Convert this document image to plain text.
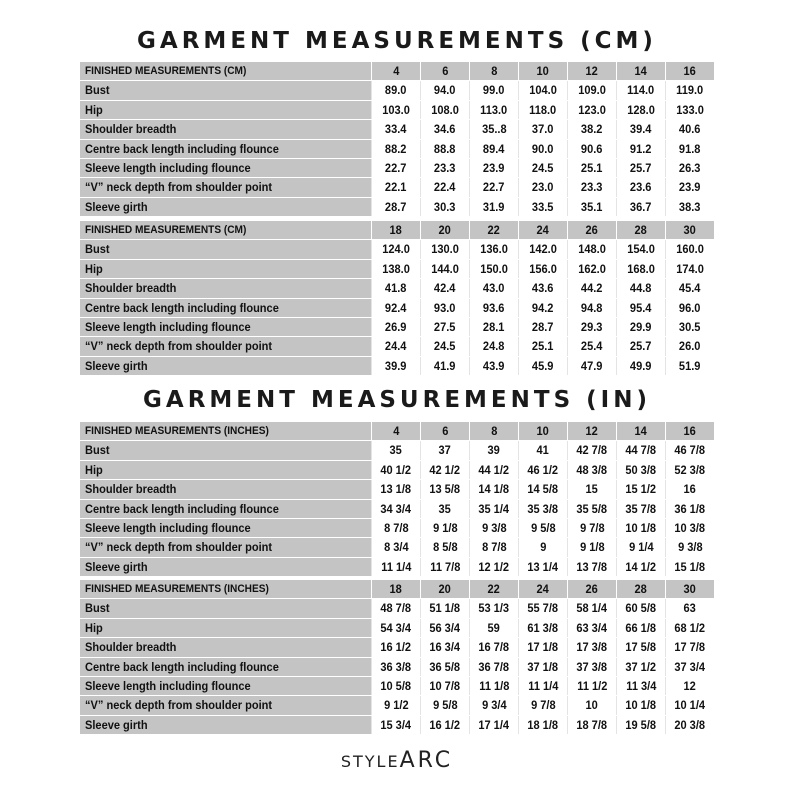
GARMENT MEASUREMENTS (CM)
FINISHED MEASUREMENTS (CM)	4	6	8	10	12	14	16
Bust	89.0	94.0	99.0	104.0	109.0	114.0	119.0
Hip	103.0	108.0	113.0	118.0	123.0	128.0	133.0
Shoulder breadth	33.4	34.6	35..8	37.0	38.2	39.4	40.6
Centre back length including flounce	88.2	88.8	89.4	90.0	90.6	91.2	91.8
Sleeve length including flounce	22.7	23.3	23.9	24.5	25.1	25.7	26.3
“V” neck depth from shoulder point	22.1	22.4	22.7	23.0	23.3	23.6	23.9
Sleeve girth	28.7	30.3	31.9	33.5	35.1	36.7	38.3
FINISHED MEASUREMENTS (CM)	18	20	22	24	26	28	30
Bust	124.0	130.0	136.0	142.0	148.0	154.0	160.0
Hip	138.0	144.0	150.0	156.0	162.0	168.0	174.0
Shoulder breadth	41.8	42.4	43.0	43.6	44.2	44.8	45.4
Centre back length including flounce	92.4	93.0	93.6	94.2	94.8	95.4	96.0
Sleeve length including flounce	26.9	27.5	28.1	28.7	29.3	29.9	30.5
“V” neck depth from shoulder point	24.4	24.5	24.8	25.1	25.4	25.7	26.0
Sleeve girth	39.9	41.9	43.9	45.9	47.9	49.9	51.9
GARMENT MEASUREMENTS (IN)
FINISHED MEASUREMENTS (INCHES)	4	6	8	10	12	14	16
Bust	35	37	39	41	42 7/8	44 7/8	46 7/8
Hip	40 1/2	42 1/2	44 1/2	46 1/2	48 3/8	50 3/8	52 3/8
Shoulder breadth	13 1/8	13 5/8	14 1/8	14 5/8	15	15 1/2	16
Centre back length including flounce	34 3/4	35	35 1/4	35 3/8	35 5/8	35 7/8	36 1/8
Sleeve length including flounce	8 7/8	9 1/8	9 3/8	9 5/8	9 7/8	10 1/8	10 3/8
“V” neck depth from shoulder point	8 3/4	8 5/8	8 7/8	9	9 1/8	9 1/4	9 3/8
Sleeve girth	11 1/4	11 7/8	12 1/2	13 1/4	13 7/8	14 1/2	15 1/8
FINISHED MEASUREMENTS (INCHES)	18	20	22	24	26	28	30
Bust	48 7/8	51 1/8	53 1/3	55 7/8	58 1/4	60 5/8	63
Hip	54 3/4	56 3/4	59	61 3/8	63 3/4	66 1/8	68 1/2
Shoulder breadth	16 1/2	16 3/4	16 7/8	17 1/8	17 3/8	17 5/8	17 7/8
Centre back length including flounce	36 3/8	36 5/8	36 7/8	37 1/8	37 3/8	37 1/2	37 3/4
Sleeve length including flounce	10 5/8	10 7/8	11 1/8	11 1/4	11 1/2	11 3/4	12
“V” neck depth from shoulder point	9 1/2	9 5/8	9 3/4	9 7/8	10	10 1/8	10 1/4
Sleeve girth	15 3/4	16 1/2	17 1/4	18 1/8	18 7/8	19 5/8	20 3/8
STYLEARC
